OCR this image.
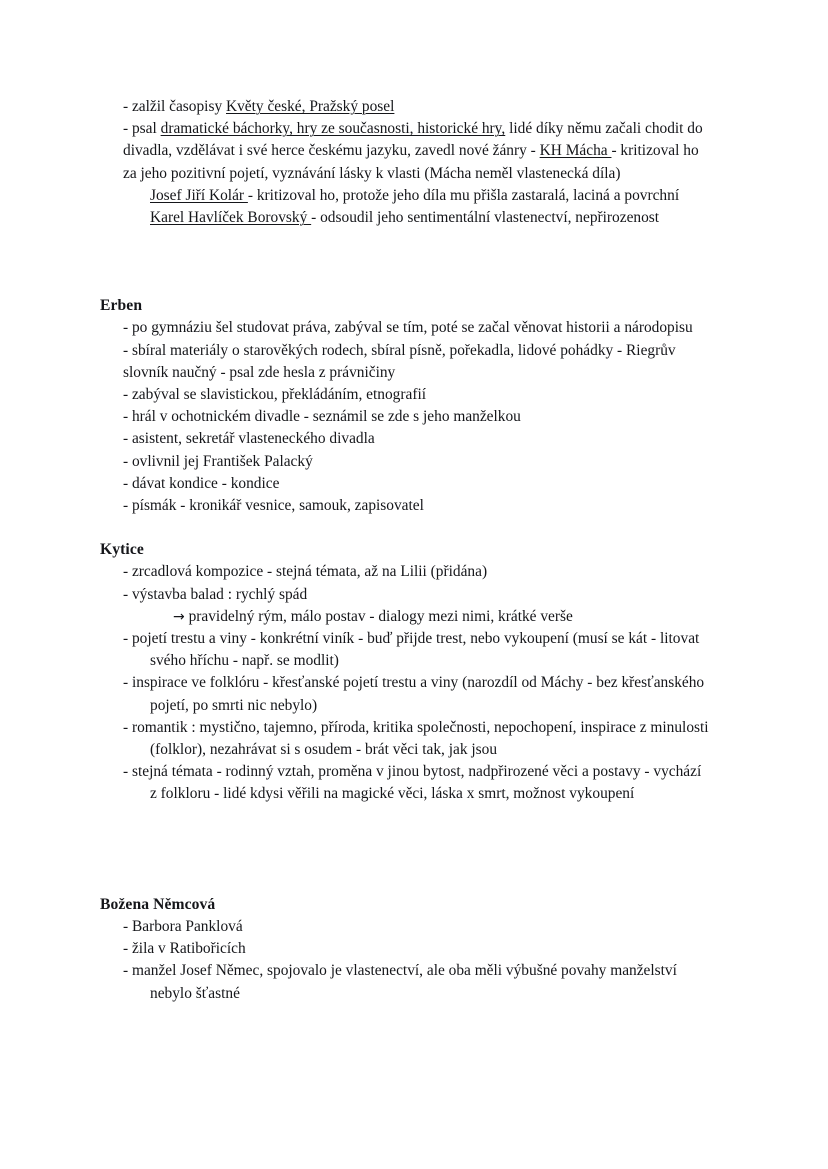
- zalžil časopisy Květy české, Pražský posel
- psal dramatické báchorky, hry ze současnosti, historické hry, lidé díky němu začali chodit do divadla, vzdělávat i své herce českému jazyku, zavedl nové žánry - KH Mácha - kritizoval ho za jeho pozitivní pojetí, vyznávání lásky k vlasti (Mácha neměl vlastenecká díla)
Josef Jiří Kolár - kritizoval ho, protože jeho díla mu přišla zastaralá, laciná a povrchní Karel Havlíček Borovský - odsoudil jeho sentimentální vlastenectví, nepřirozenost
Erben
- po gymnáziu šel studovat práva, zabýval se tím, poté se začal věnovat historii a národopisu
- sbíral materiály o starověkých rodech, sbíral písně, pořekadla, lidové pohádky - Riegrův slovník naučný - psal zde hesla z právničiny
- zabýval se slavistickou, překládáním, etnografií
- hrál v ochotnickém divadle - seznámil se zde s jeho manželkou
- asistent, sekretář vlasteneckého divadla
- ovlivnil jej František Palacký
- dávat kondice - kondice
- písmák - kronikář vesnice, samouk, zapisovatel
Kytice
- zrcadlová kompozice - stejná témata, až na Lilii (přidána)
- výstavba balad : rychlý spád
→ pravidelný rým, málo postav - dialogy mezi nimi, krátké verše
- pojetí trestu a viny - konkrétní viník - buď přijde trest, nebo vykoupení (musí se kát - litovat svého hříchu - např. se modlit)
- inspirace ve folklóru - křesťanské pojetí trestu a viny (narozdíl od Máchy - bez křesťanského pojetí, po smrti nic nebylo)
- romantik : mystično, tajemno, příroda, kritika společnosti, nepochopení, inspirace z minulosti (folklor), nezahrávat si s osudem - brát věci tak, jak jsou
- stejná témata - rodinný vztah, proměna v jinou bytost, nadpřirozené věci a postavy - vychází z folkloru - lidé kdysi věřili na magické věci, láska x smrt, možnost vykoupení
Božena Němcová
- Barbora Panklová
- žila v Ratibořicích
- manžel Josef Němec, spojovalo je vlastenectví, ale oba měli výbušné povahy manželství nebylo šťastné
